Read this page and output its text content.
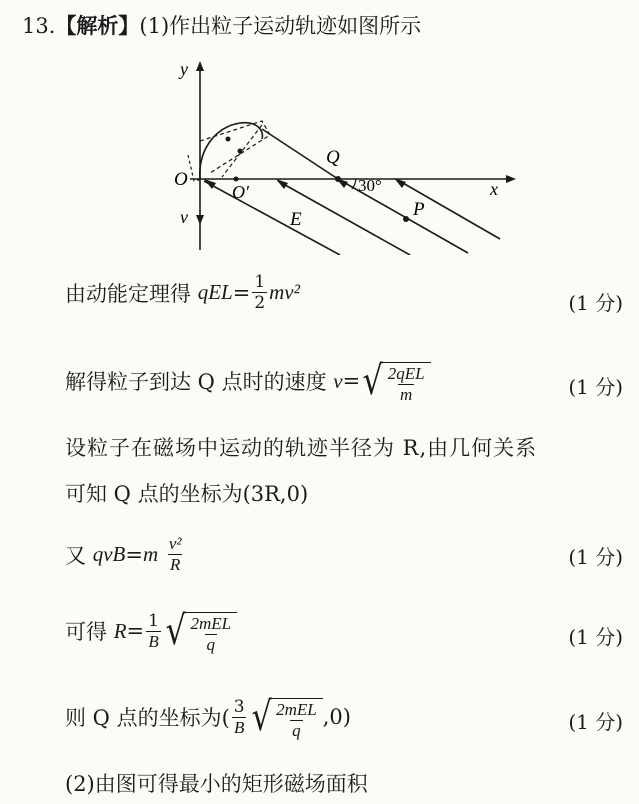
13.【解析】(1)作出粒子运动轨迹如图所示
y
v
x
O
O′
Q
E	P
30°
由动能定理得
qEL = $\frac{1}{2} mv^2$	(1 分)
解得粒子到达 Q 点时的速度
v = √ $\frac{\text{2qEL}}{m}$	(1 分)
设粒子在磁场中运动的轨迹半径为 R,由几何关系
可知 Q 点的坐标为(3R,0)
又
qvB = m
$\frac{\text{v²}}{R}$	(1 分)
可得
$R = \frac{1}{B}$ √ $\frac{\text{2mEL}}{q}$	(1 分)
则 Q 点的坐标为( $\frac{3}{B}$ √ $\frac{\text{2mEL}}{q} ,0$)	(1 分)
(2)由图可得最小的矩形磁场面积
